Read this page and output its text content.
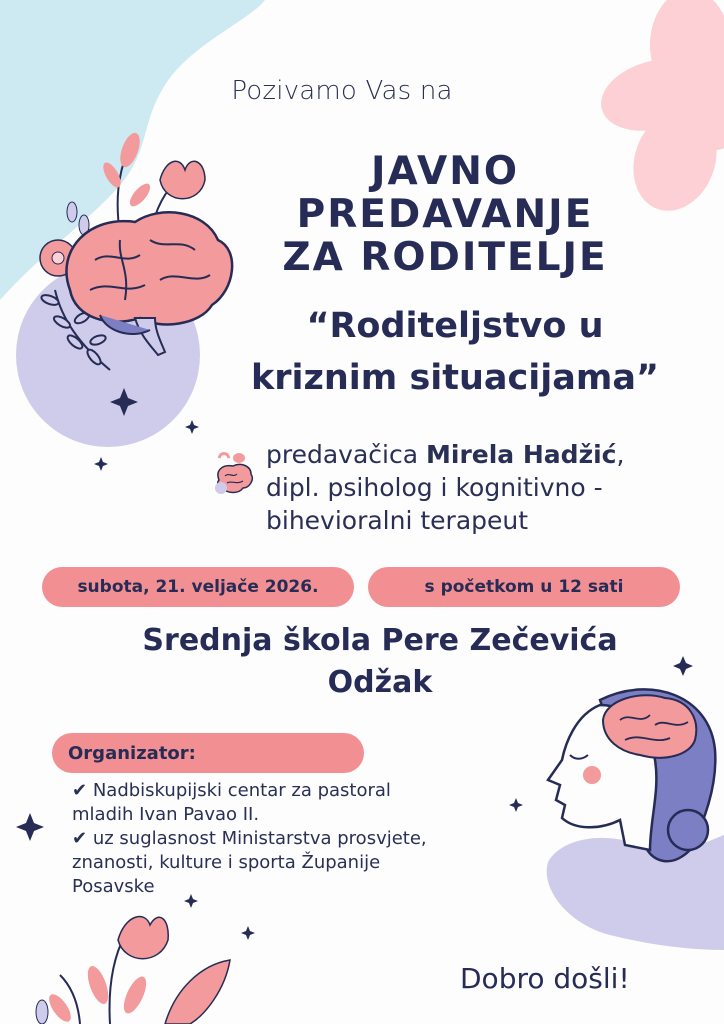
Pozivamo Vas na
JAVNO
PREDAVANJE
ZA RODITELJE
“Roditeljstvo u
kriznim situacijama”
predavačica Mirela Hadžić,
dipl. psiholog i kognitivno -
bihevioralni terapeut
subota, 21. veljače 2026.	s početkom u 12 sati
Srednja škola Pere Zečevića
Odžak
Organizator:
✔ Nadbiskupijski centar za pastoral
mladih Ivan Pavao II.
✔ uz suglasnost Ministarstva prosvjete,
znanosti, kulture i sporta Županije
Posavske
Dobro došli!
